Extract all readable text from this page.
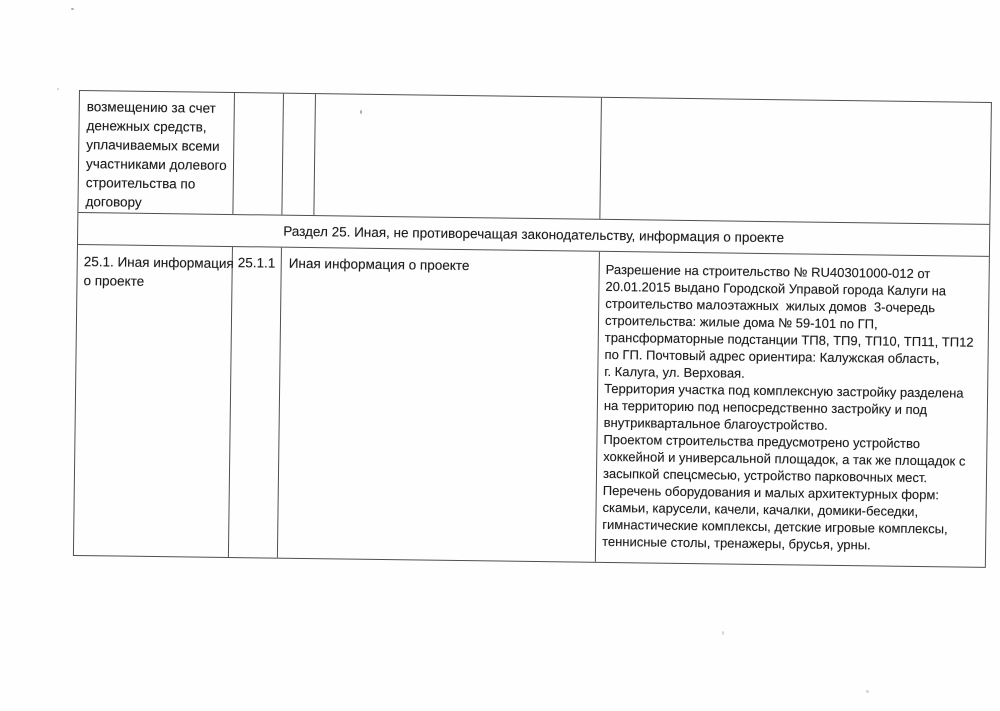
возмещению за счет
денежных средств,
уплачиваемых всеми
участниками долевого
строительства по
договору
Раздел 25. Иная, не противоречащая законодательству, информация о проекте
25.1. Иная информация
о проекте
25.1.1 Иная информация о проекте	Разрешение на строительство № RU40301000-012 от
20.01.2015 выдано Городской Управой города Калуги на
строительство малоэтажных  жилых домов  3-очередь
строительства: жилые дома № 59-101 по ГП,
трансформаторные подстанции ТП8, ТП9, ТП10, ТП11, ТП12
по ГП. Почтовый адрес ориентира: Калужская область,
г. Калуга, ул. Верховая.
Территория участка под комплексную застройку разделена
на территорию под непосредственно застройку и под
внутриквартальное благоустройство.
Проектом строительства предусмотрено устройство
хоккейной и универсальной площадок, а так же площадок с
засыпкой спецсмесью, устройство парковочных мест.
Перечень оборудования и малых архитектурных форм:
скамьи, карусели, качели, качалки, домики-беседки,
гимнастические комплексы, детские игровые комплексы,
теннисные столы, тренажеры, брусья, урны.
